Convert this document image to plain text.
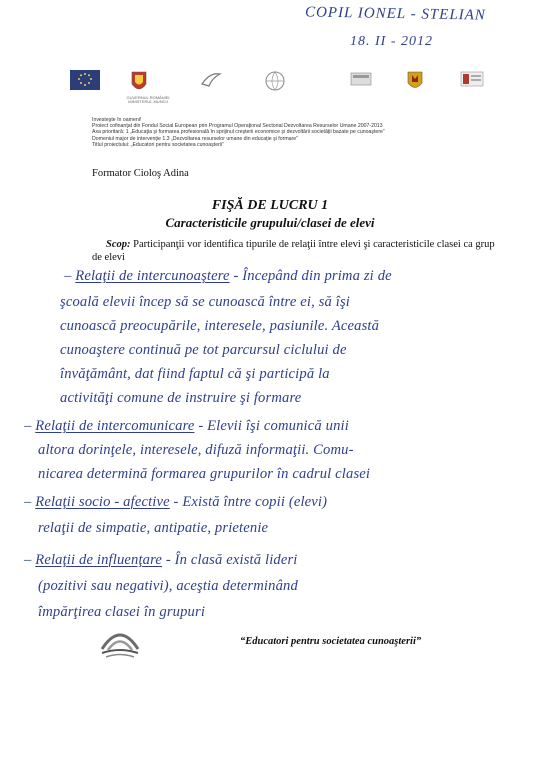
COPIL IONEL - STELIAN
18. II - 2012
GUVERNUL ROMÂNIEI MINISTERUL MUNCII
Investeşte în oameni!
Proiect cofinanţat din Fondul Social European prin Programul Operaţional Sectorial Dezvoltarea Resurselor Umane 2007-2013
Axa prioritară: 1 „Educaţia şi formarea profesională în sprijinul creşterii economice şi dezvoltării societăţii bazate pe cunoaştere”
Domeniul major de intervenţie 1.3 „Dezvoltarea resurselor umane din educaţie şi formare”
Titlul proiectului: „Educatori pentru societatea cunoaşterii”
Formator Cioloş Adina
FIŞĂ DE LUCRU 1
Caracteristicile grupului/clasei de elevi
Scop: Participanţii vor identifica tipurile de relaţii între elevi şi caracteristicile clasei ca grup de elevi
– Relaţii de intercunoaştere - Începând din prima zi de
şcoală elevii încep să se cunoască între ei, să îşi
cunoască preocupările, interesele, pasiunile. Această
cunoaştere continuă pe tot parcursul ciclului de
învăţământ, dat fiind faptul că şi participă la
activităţi comune de instruire şi formare
– Relaţii de intercomunicare - Elevii îşi comunică unii
altora dorinţele, interesele, difuză informaţii. Comu-
nicarea determină formarea grupurilor în cadrul clasei
– Relaţii socio - afective - Există între copii (elevi)
relaţii de simpatie, antipatie, prietenie
– Relaţii de influenţare - În clasă există lideri
(pozitivi sau negativi), aceştia determinând
împărţirea clasei în grupuri
“Educatori pentru societatea cunoaşterii”
